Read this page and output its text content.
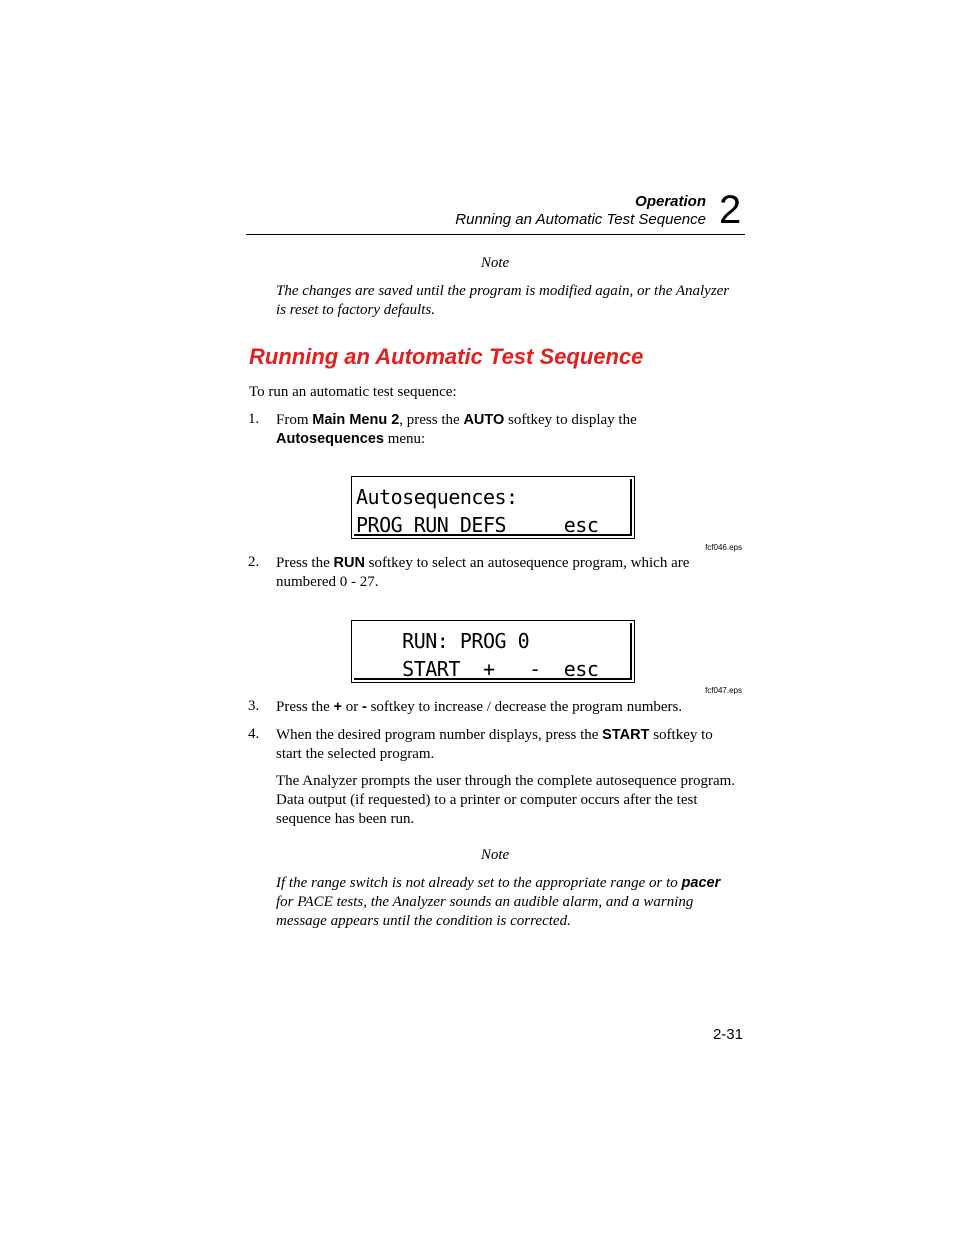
Operation
Running an Automatic Test Sequence 2
Note
The changes are saved until the program is modified again, or the Analyzer is reset to factory defaults.
Running an Automatic Test Sequence
To run an automatic test sequence:
1. From Main Menu 2, press the AUTO softkey to display the Autosequences menu:
Autosequences:
PROG RUN DEFS     esc
fcf046.eps
2. Press the RUN softkey to select an autosequence program, which are numbered 0 - 27.
RUN: PROG 0
START  +   -  esc
fcf047.eps
3. Press the + or - softkey to increase / decrease the program numbers.
4. When the desired program number displays, press the START softkey to start the selected program.
The Analyzer prompts the user through the complete autosequence program. Data output (if requested) to a printer or computer occurs after the test sequence has been run.
Note
If the range switch is not already set to the appropriate range or to pacer for PACE tests, the Analyzer sounds an audible alarm, and a warning message appears until the condition is corrected.
2-31
